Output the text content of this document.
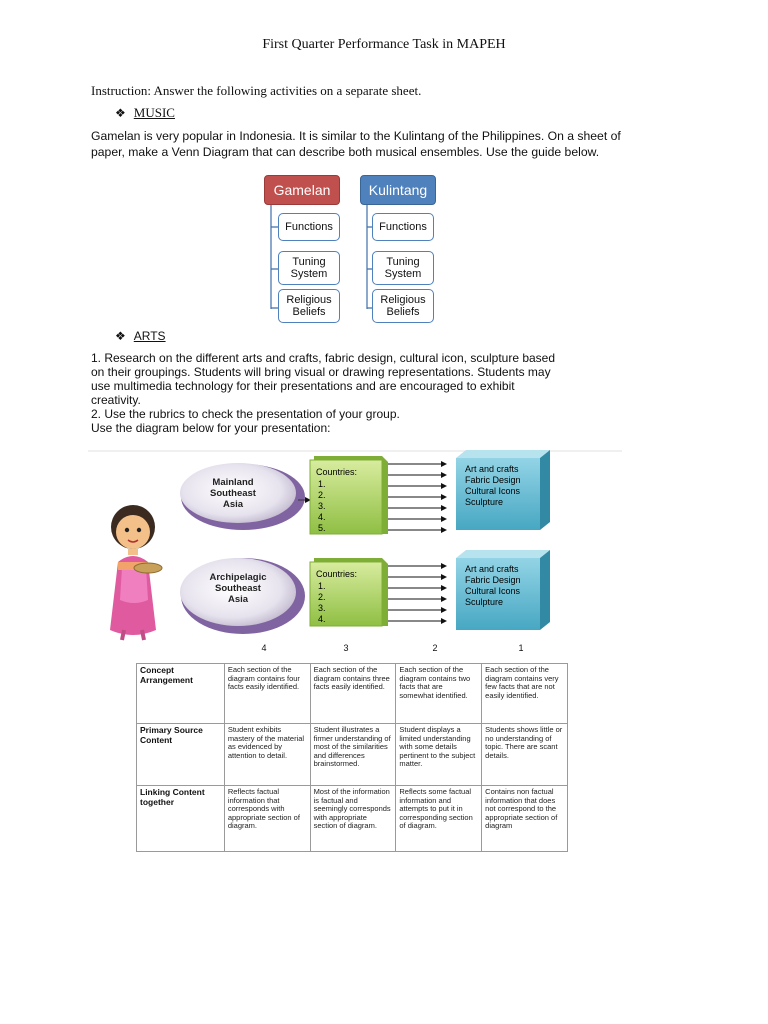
First Quarter Performance Task in MAPEH
Instruction: Answer the following activities on a separate sheet.
❖ MUSIC
Gamelan is very popular in Indonesia. It is similar to the Kulintang of the Philippines. On a sheet of
paper, make a Venn Diagram that can describe both musical ensembles. Use the guide below.
Gamelan	Kulintang
Functions
Tuning
System
Religious
Beliefs
Functions
Tuning
System
Religious
Beliefs
❖ ARTS
1. Research on the different arts and crafts, fabric design, cultural icon, sculpture based
on their groupings. Students will bring visual or drawing representations. Students may
use multimedia technology for their presentations and are encouraged to exhibit
creativity.
2. Use the rubrics to check the presentation of your group.
Use the diagram below for your presentation:
Mainland
Southeast
Asia
Countries:
1.
2.
3.
4.
5.
Art and crafts
Fabric Design
Cultural Icons
Sculpture
Archipelagic
Southeast
Asia
Countries:
1.
2.
3.
4.
Art and crafts
Fabric Design
Cultural Icons
Sculpture
4	3	2	1
Concept Arrangement	Each section of the diagram contains four facts easily identified.	Each section of the diagram contains three facts easily identified.	Each section of the diagram contains two facts that are somewhat identified.	Each section of the diagram contains very few facts that are not easily identified.
Primary Source Content	Student exhibits mastery of the material as evidenced by attention to detail.	Student illustrates a firmer understanding of most of the similarities and differences brainstormed.	Student displays a limited understanding with some details pertinent to the subject matter.	Students shows little or no understanding of topic. There are scant details.
Linking Content together	Reflects factual information that corresponds with appropriate section of diagram.	Most of the information is factual and seemingly corresponds with appropriate section of diagram.	Reflects some factual information and attempts to put it in corresponding section of diagram.	Contains non factual information that does not correspond to the appropriate section of diagram
